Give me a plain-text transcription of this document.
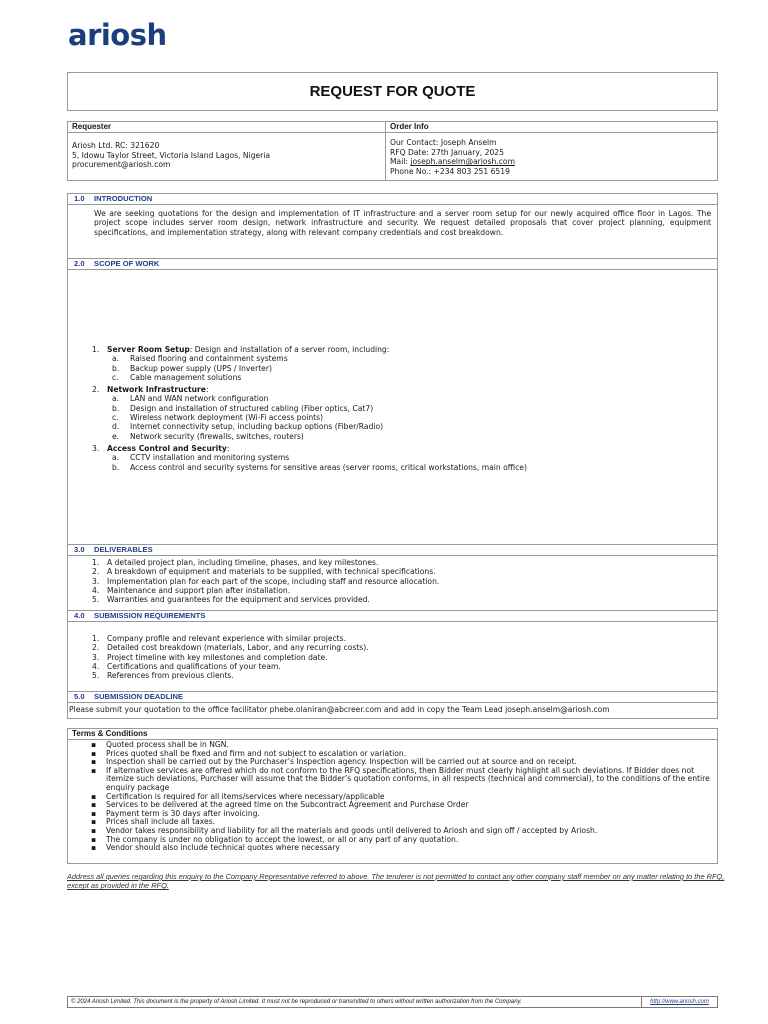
ariosh
REQUEST FOR QUOTE
Requester
Ariosh Ltd. RC: 321620
5, Idowu Taylor Street, Victoria Island Lagos, Nigeria
procurement@ariosh.com
Order Info
Our Contact: Joseph Anselm
RFQ Date: 27th January, 2025
Mail: joseph.anselm@ariosh.com
Phone No.: +234 803 251 6519
1.0 INTRODUCTION
We are seeking quotations for the design and implementation of IT infrastructure and a server room setup for our newly acquired office floor in Lagos. The project scope includes server room design, network infrastructure and security. We request detailed proposals that cover project planning, equipment specifications, and implementation strategy, along with relevant company credentials and cost breakdown.
2.0 SCOPE OF WORK
1.	Server Room Setup: Design and installation of a server room, including:
a.	Raised flooring and containment systems
b.	Backup power supply (UPS / Inverter)
c.	Cable management solutions
2.	Network Infrastructure:
a.	LAN and WAN network configuration
b.	Design and installation of structured cabling (Fiber optics, Cat7)
c.	Wireless network deployment (Wi-Fi access points)
d.	Internet connectivity setup, including backup options (Fiber/Radio)
e.	Network security (firewalls, switches, routers)
3.	Access Control and Security:
a.	CCTV installation and monitoring systems
b.	Access control and security systems for sensitive areas (server rooms, critical workstations, main office)
3.0 DELIVERABLES
1.	A detailed project plan, including timeline, phases, and key milestones.
2.	A breakdown of equipment and materials to be supplied, with technical specifications.
3.	Implementation plan for each part of the scope, including staff and resource allocation.
4.	Maintenance and support plan after installation.
5.	Warranties and guarantees for the equipment and services provided.
4.0 SUBMISSION REQUIREMENTS
1.	Company profile and relevant experience with similar projects.
2.	Detailed cost breakdown (materials, Labor, and any recurring costs).
3.	Project timeline with key milestones and completion date.
4.	Certifications and qualifications of your team.
5.	References from previous clients.
5.0 SUBMISSION DEADLINE
Please submit your quotation to the office facilitator phebe.olaniran@abcreer.com and add in copy the Team Lead joseph.anselm@ariosh.com
Terms & Conditions
▪	Quoted process shall be in NGN.
▪	Prices quoted shall be fixed and firm and not subject to escalation or variation.
▪	Inspection shall be carried out by the Purchaser’s Inspection agency. Inspection will be carried out at source and on receipt.
▪	If alternative services are offered which do not conform to the RFQ specifications, then Bidder must clearly highlight all such deviations. If Bidder does not itemize such deviations, Purchaser will assume that the Bidder’s quotation conforms, in all respects (technical and commercial), to the conditions of the entire enquiry package
▪	Certification is required for all items/services where necessary/applicable
▪	Services to be delivered at the agreed time on the Subcontract Agreement and Purchase Order
▪	Payment term is 30 days after invoicing.
▪	Prices shall include all taxes.
▪	Vendor takes responsibility and liability for all the materials and goods until delivered to Ariosh and sign off / accepted by Ariosh.
▪	The company is under no obligation to accept the lowest, or all or any part of any quotation.
▪	Vendor should also include technical quotes where necessary
Address all queries regarding this enquiry to the Company Representative referred to above. The tenderer is not permitted to contact any other company staff member on any matter relating to the RFQ, except as provided in the RFQ.
© 2024 Ariosh Limited. This document is the property of Ariosh Limited. It must not be reproduced or transmitted to others without written authorization from the Company.	http://www.ariosh.com
